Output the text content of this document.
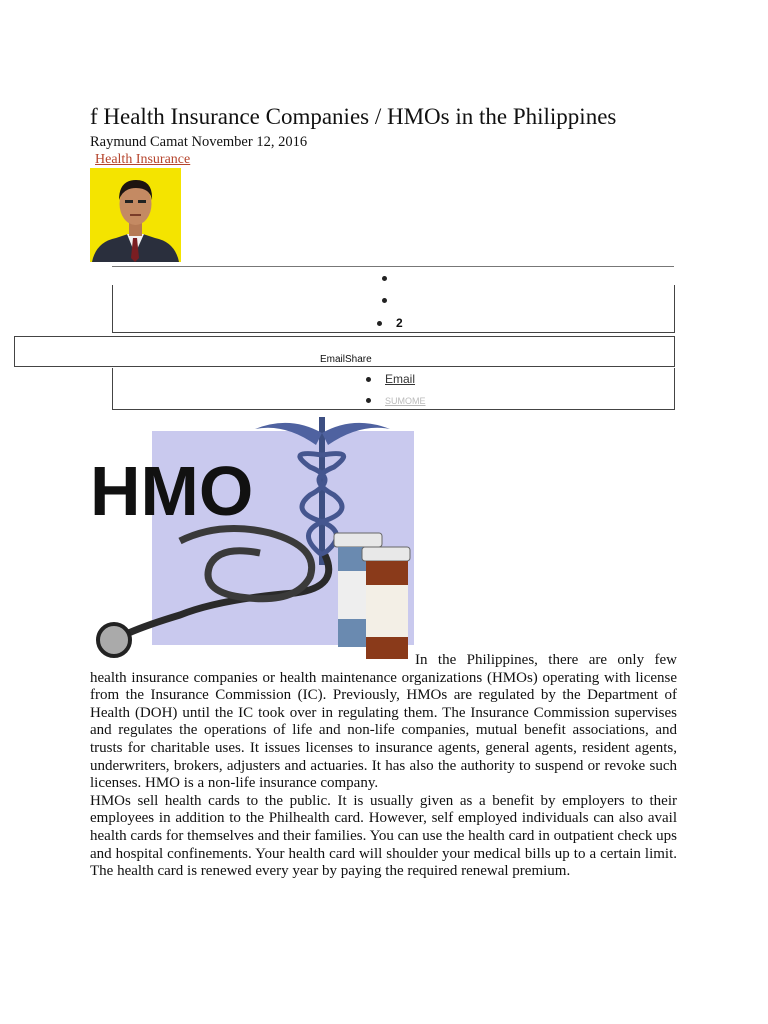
f Health Insurance Companies / HMOs in the Philippines
Raymund Camat November 12, 2016
Health Insurance
2
EmailShare
Email
SUMOME
HMO

In the Philippines, there are only few health insurance companies or health maintenance organizations (HMOs) operating with license from the Insurance Commission (IC). Previously, HMOs are regulated by the Department of Health (DOH) until the IC took over in regulating them. The Insurance Commission supervises and regulates the operations of life and non-life companies, mutual benefit associations, and trusts for charitable uses. It issues licenses to insurance agents, general agents, resident agents, underwriters, brokers, adjusters and actuaries. It has also the authority to suspend or revoke such licenses. HMO is a non-life insurance company.

HMOs sell health cards to the public. It is usually given as a benefit by employers to their employees in addition to the Philhealth card. However, self employed individuals can also avail health cards for themselves and their families. You can use the health card in outpatient check ups and hospital confinements. Your health card will shoulder your medical bills up to a certain limit. The health card is renewed every year by paying the required renewal premium.
